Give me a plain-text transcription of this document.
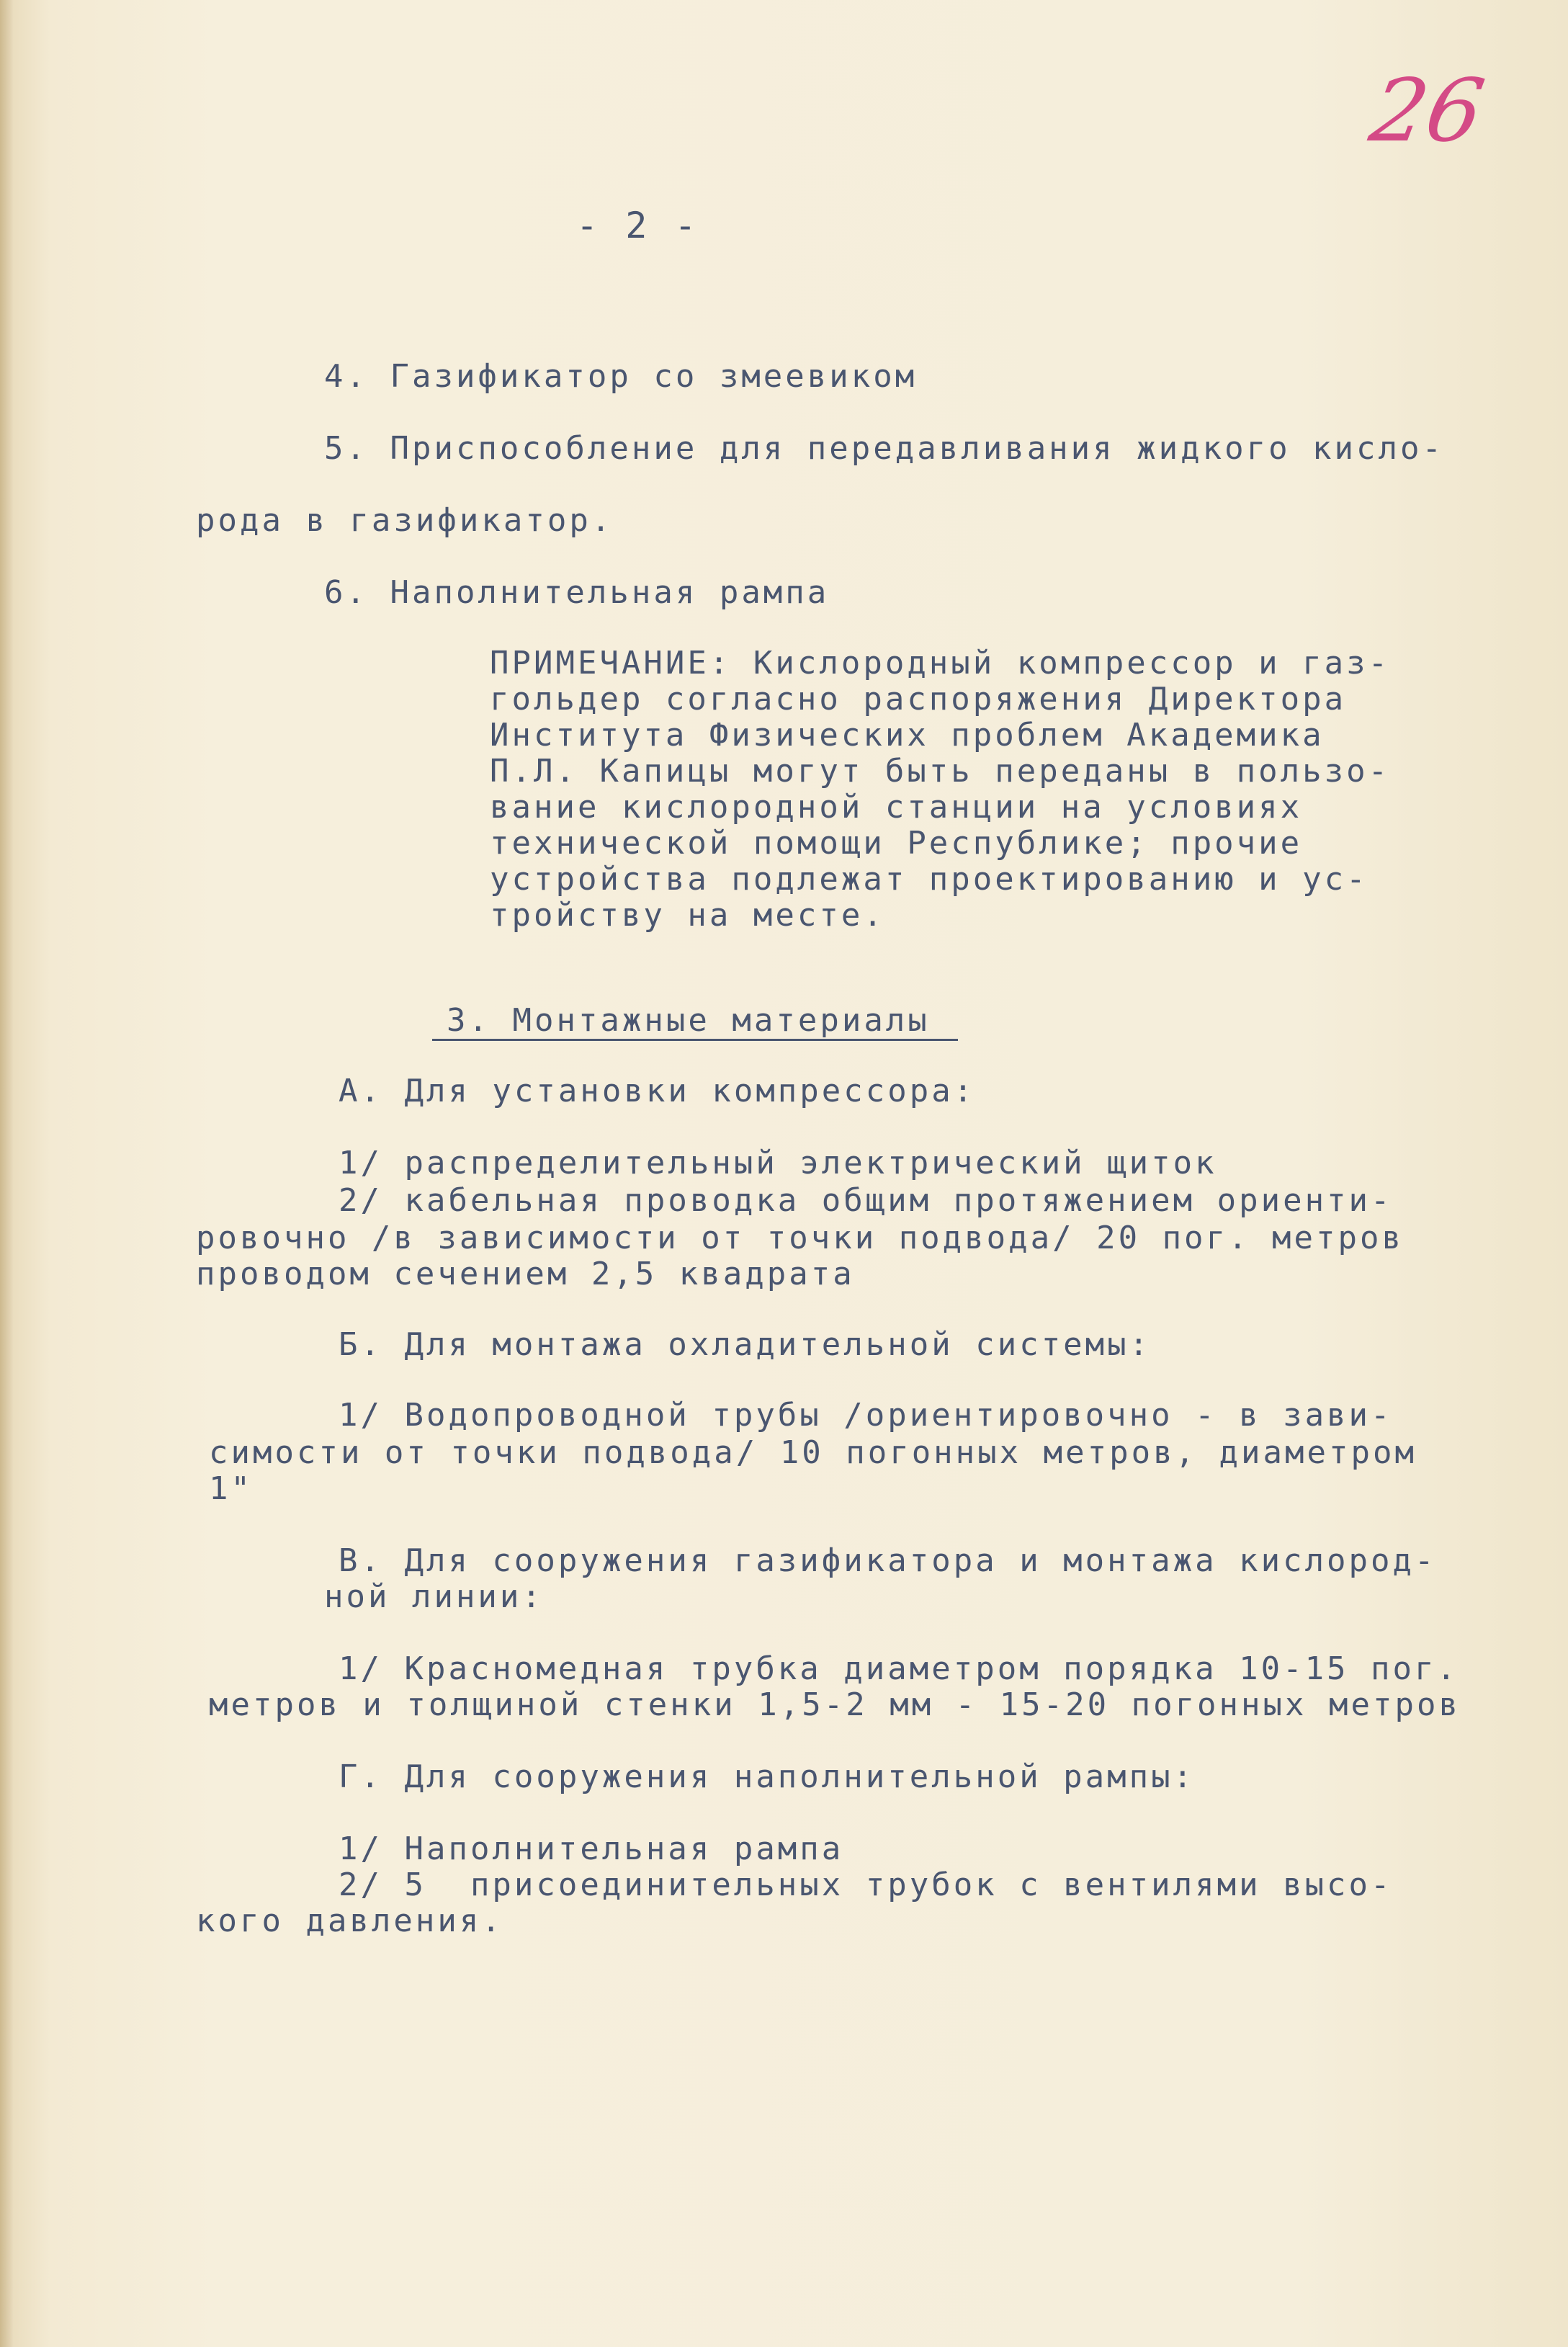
26

- 2 -

4. Газификатор со змеевиком

5. Приспособление для передавливания жидкого кисло-

рода в газификатор.

6. Наполнительная рампа

ПРИМЕЧАНИЕ: Кислородный компрессор и газ-

гольдер согласно распоряжения Директора

Института Физических проблем Академика

П.Л. Капицы могут быть переданы в пользо-

вание кислородной станции на условиях

технической помощи Республике; прочие

устройства подлежат проектированию и ус-

тройству на месте.

3. Монтажные материалы

А. Для установки компрессора:

1/ распределительный электрический щиток

2/ кабельная проводка общим протяжением ориенти-

ровочно /в зависимости от точки подвода/ 20 пог. метров

проводом сечением 2,5 квадрата

Б. Для монтажа охладительной системы:

1/ Водопроводной трубы /ориентировочно - в зави-

симости от точки подвода/ 10 погонных метров, диаметром

1"

В. Для сооружения газификатора и монтажа кислород-

ной линии:

1/ Красномедная трубка диаметром порядка 10-15 пог.

метров и толщиной стенки 1,5-2 мм - 15-20 погонных метров

Г. Для сооружения наполнительной рампы:

1/ Наполнительная рампа

2/ 5  присоединительных трубок с вентилями высо-

кого давления.
